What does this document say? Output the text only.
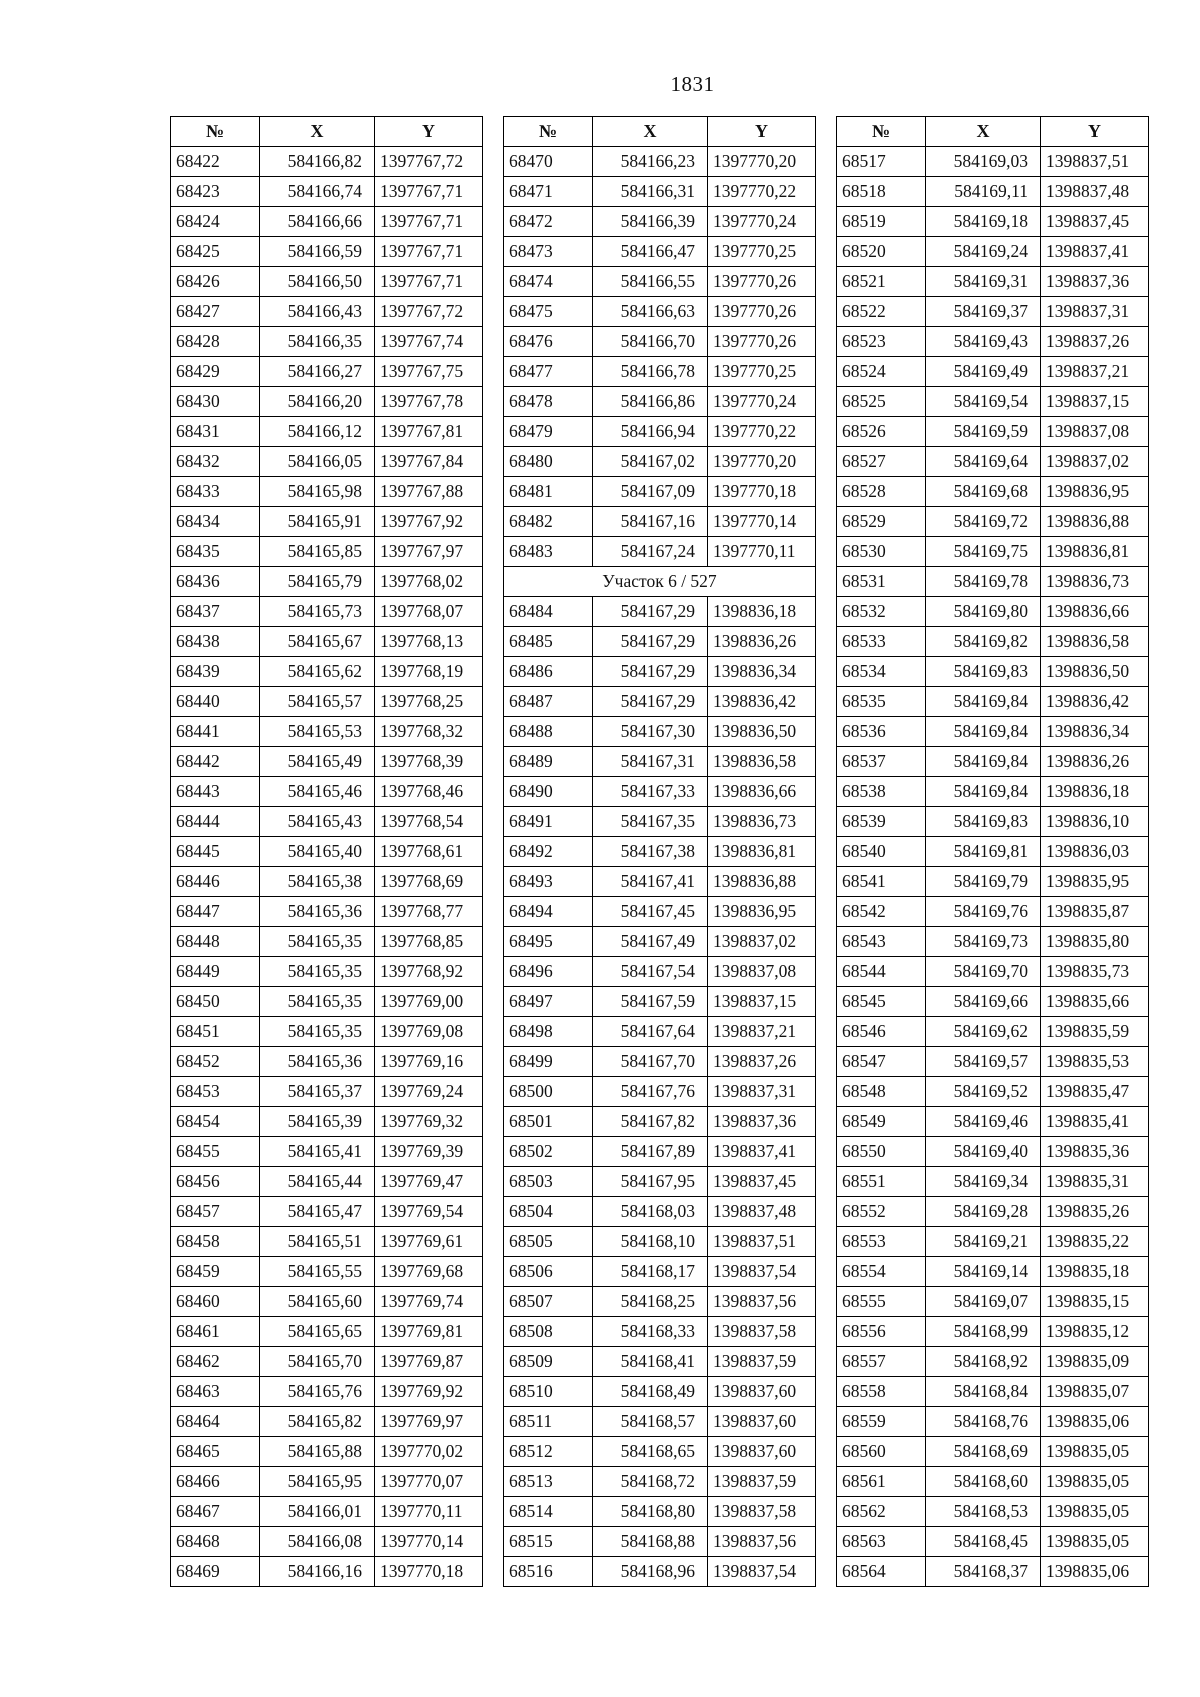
1831
№	X	Y
68422	584166,82	1397767,72
68423	584166,74	1397767,71
68424	584166,66	1397767,71
68425	584166,59	1397767,71
68426	584166,50	1397767,71
68427	584166,43	1397767,72
68428	584166,35	1397767,74
68429	584166,27	1397767,75
68430	584166,20	1397767,78
68431	584166,12	1397767,81
68432	584166,05	1397767,84
68433	584165,98	1397767,88
68434	584165,91	1397767,92
68435	584165,85	1397767,97
68436	584165,79	1397768,02
68437	584165,73	1397768,07
68438	584165,67	1397768,13
68439	584165,62	1397768,19
68440	584165,57	1397768,25
68441	584165,53	1397768,32
68442	584165,49	1397768,39
68443	584165,46	1397768,46
68444	584165,43	1397768,54
68445	584165,40	1397768,61
68446	584165,38	1397768,69
68447	584165,36	1397768,77
68448	584165,35	1397768,85
68449	584165,35	1397768,92
68450	584165,35	1397769,00
68451	584165,35	1397769,08
68452	584165,36	1397769,16
68453	584165,37	1397769,24
68454	584165,39	1397769,32
68455	584165,41	1397769,39
68456	584165,44	1397769,47
68457	584165,47	1397769,54
68458	584165,51	1397769,61
68459	584165,55	1397769,68
68460	584165,60	1397769,74
68461	584165,65	1397769,81
68462	584165,70	1397769,87
68463	584165,76	1397769,92
68464	584165,82	1397769,97
68465	584165,88	1397770,02
68466	584165,95	1397770,07
68467	584166,01	1397770,11
68468	584166,08	1397770,14
68469	584166,16	1397770,18
№	X	Y
68470	584166,23	1397770,20
68471	584166,31	1397770,22
68472	584166,39	1397770,24
68473	584166,47	1397770,25
68474	584166,55	1397770,26
68475	584166,63	1397770,26
68476	584166,70	1397770,26
68477	584166,78	1397770,25
68478	584166,86	1397770,24
68479	584166,94	1397770,22
68480	584167,02	1397770,20
68481	584167,09	1397770,18
68482	584167,16	1397770,14
68483	584167,24	1397770,11
Участок 6 / 527		
68484	584167,29	1398836,18
68485	584167,29	1398836,26
68486	584167,29	1398836,34
68487	584167,29	1398836,42
68488	584167,30	1398836,50
68489	584167,31	1398836,58
68490	584167,33	1398836,66
68491	584167,35	1398836,73
68492	584167,38	1398836,81
68493	584167,41	1398836,88
68494	584167,45	1398836,95
68495	584167,49	1398837,02
68496	584167,54	1398837,08
68497	584167,59	1398837,15
68498	584167,64	1398837,21
68499	584167,70	1398837,26
68500	584167,76	1398837,31
68501	584167,82	1398837,36
68502	584167,89	1398837,41
68503	584167,95	1398837,45
68504	584168,03	1398837,48
68505	584168,10	1398837,51
68506	584168,17	1398837,54
68507	584168,25	1398837,56
68508	584168,33	1398837,58
68509	584168,41	1398837,59
68510	584168,49	1398837,60
68511	584168,57	1398837,60
68512	584168,65	1398837,60
68513	584168,72	1398837,59
68514	584168,80	1398837,58
68515	584168,88	1398837,56
68516	584168,96	1398837,54
№	X	Y
68517	584169,03	1398837,51
68518	584169,11	1398837,48
68519	584169,18	1398837,45
68520	584169,24	1398837,41
68521	584169,31	1398837,36
68522	584169,37	1398837,31
68523	584169,43	1398837,26
68524	584169,49	1398837,21
68525	584169,54	1398837,15
68526	584169,59	1398837,08
68527	584169,64	1398837,02
68528	584169,68	1398836,95
68529	584169,72	1398836,88
68530	584169,75	1398836,81
68531	584169,78	1398836,73
68532	584169,80	1398836,66
68533	584169,82	1398836,58
68534	584169,83	1398836,50
68535	584169,84	1398836,42
68536	584169,84	1398836,34
68537	584169,84	1398836,26
68538	584169,84	1398836,18
68539	584169,83	1398836,10
68540	584169,81	1398836,03
68541	584169,79	1398835,95
68542	584169,76	1398835,87
68543	584169,73	1398835,80
68544	584169,70	1398835,73
68545	584169,66	1398835,66
68546	584169,62	1398835,59
68547	584169,57	1398835,53
68548	584169,52	1398835,47
68549	584169,46	1398835,41
68550	584169,40	1398835,36
68551	584169,34	1398835,31
68552	584169,28	1398835,26
68553	584169,21	1398835,22
68554	584169,14	1398835,18
68555	584169,07	1398835,15
68556	584168,99	1398835,12
68557	584168,92	1398835,09
68558	584168,84	1398835,07
68559	584168,76	1398835,06
68560	584168,69	1398835,05
68561	584168,60	1398835,05
68562	584168,53	1398835,05
68563	584168,45	1398835,05
68564	584168,37	1398835,06
